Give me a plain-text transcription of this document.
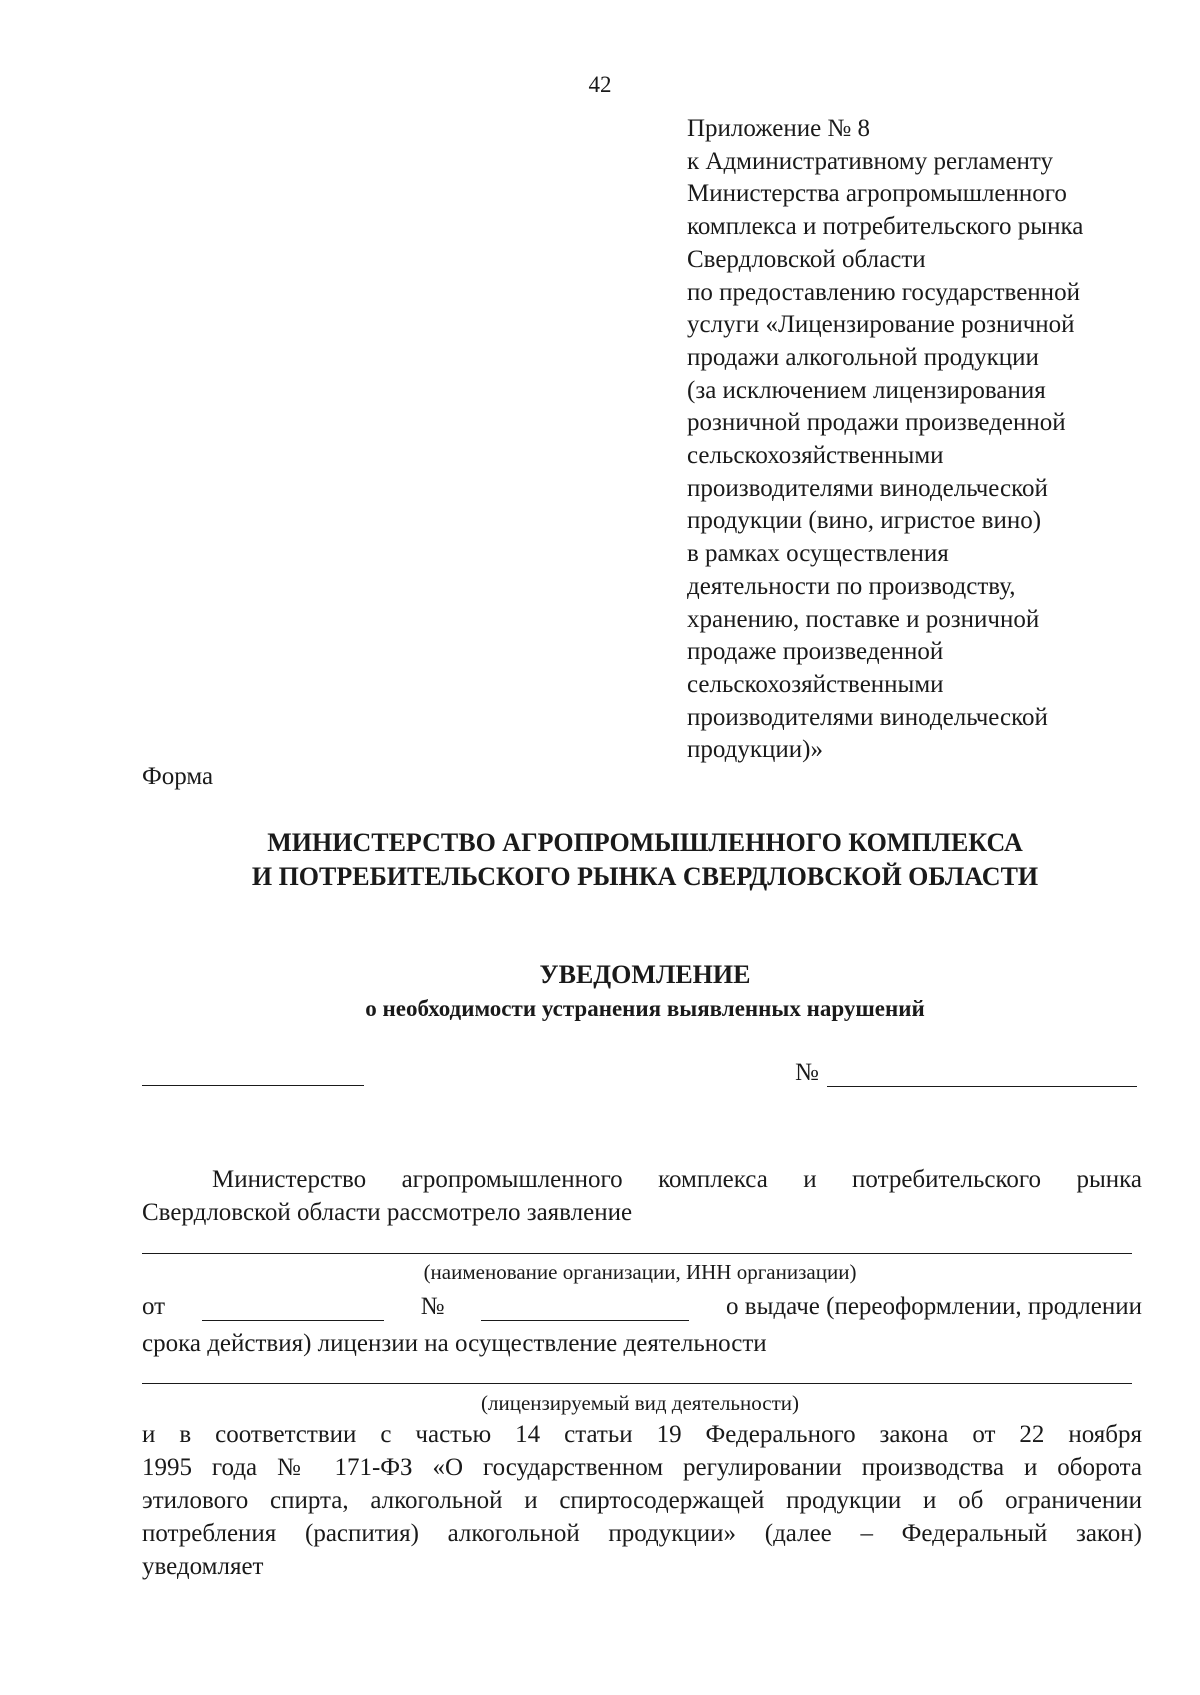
42
Приложение № 8
к Административному регламенту
Министерства агропромышленного
комплекса и потребительского рынка
Свердловской области
по предоставлению государственной
услуги «Лицензирование розничной
продажи алкогольной продукции
(за исключением лицензирования
розничной продажи произведенной
сельскохозяйственными
производителями винодельческой
продукции (вино, игристое вино)
в рамках осуществления
деятельности по производству,
хранению, поставке и розничной
продаже произведенной
сельскохозяйственными
производителями винодельческой
продукции)»
Форма
МИНИСТЕРСТВО АГРОПРОМЫШЛЕННОГО КОМПЛЕКСА
И ПОТРЕБИТЕЛЬСКОГО РЫНКА СВЕРДЛОВСКОЙ ОБЛАСТИ
УВЕДОМЛЕНИЕ
о необходимости устранения выявленных нарушений
№
Министерство агропромышленного комплекса и потребительского рынка
Свердловской области рассмотрело заявление
(наименование организации, ИНН организации)
от	№	о выдаче (переоформлении, продлении
срока действия) лицензии на осуществление деятельности
(лицензируемый вид деятельности)
и в соответствии с частью 14 статьи 19 Федерального закона от 22 ноября
1995 года № 171-ФЗ «О государственном регулировании производства и оборота
этилового спирта, алкогольной и спиртосодержащей продукции и об ограничении
потребления (распития) алкогольной продукции» (далее – Федеральный закон)
уведомляет
